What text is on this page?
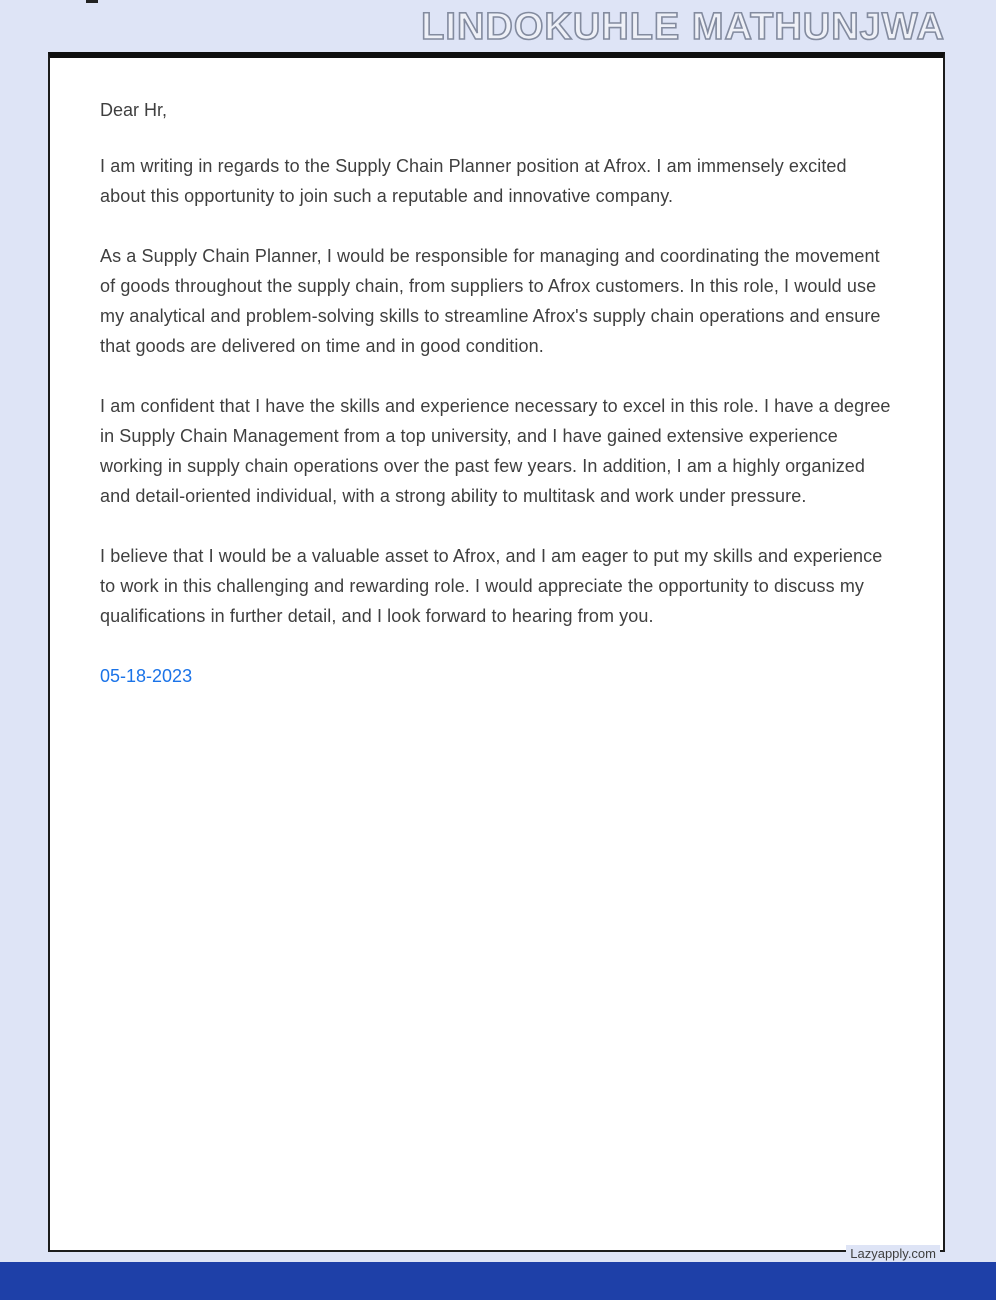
LINDOKUHLE MATHUNJWA

Dear Hr,

I am writing in regards to the Supply Chain Planner position at Afrox. I am immensely excited about this opportunity to join such a reputable and innovative company.

As a Supply Chain Planner, I would be responsible for managing and coordinating the movement of goods throughout the supply chain, from suppliers to Afrox customers. In this role, I would use my analytical and problem-solving skills to streamline Afrox's supply chain operations and ensure that goods are delivered on time and in good condition.

I am confident that I have the skills and experience necessary to excel in this role. I have a degree in Supply Chain Management from a top university, and I have gained extensive experience working in supply chain operations over the past few years. In addition, I am a highly organized and detail-oriented individual, with a strong ability to multitask and work under pressure.

I believe that I would be a valuable asset to Afrox, and I am eager to put my skills and experience to work in this challenging and rewarding role. I would appreciate the opportunity to discuss my qualifications in further detail, and I look forward to hearing from you.

05-18-2023

Lazyapply.com
